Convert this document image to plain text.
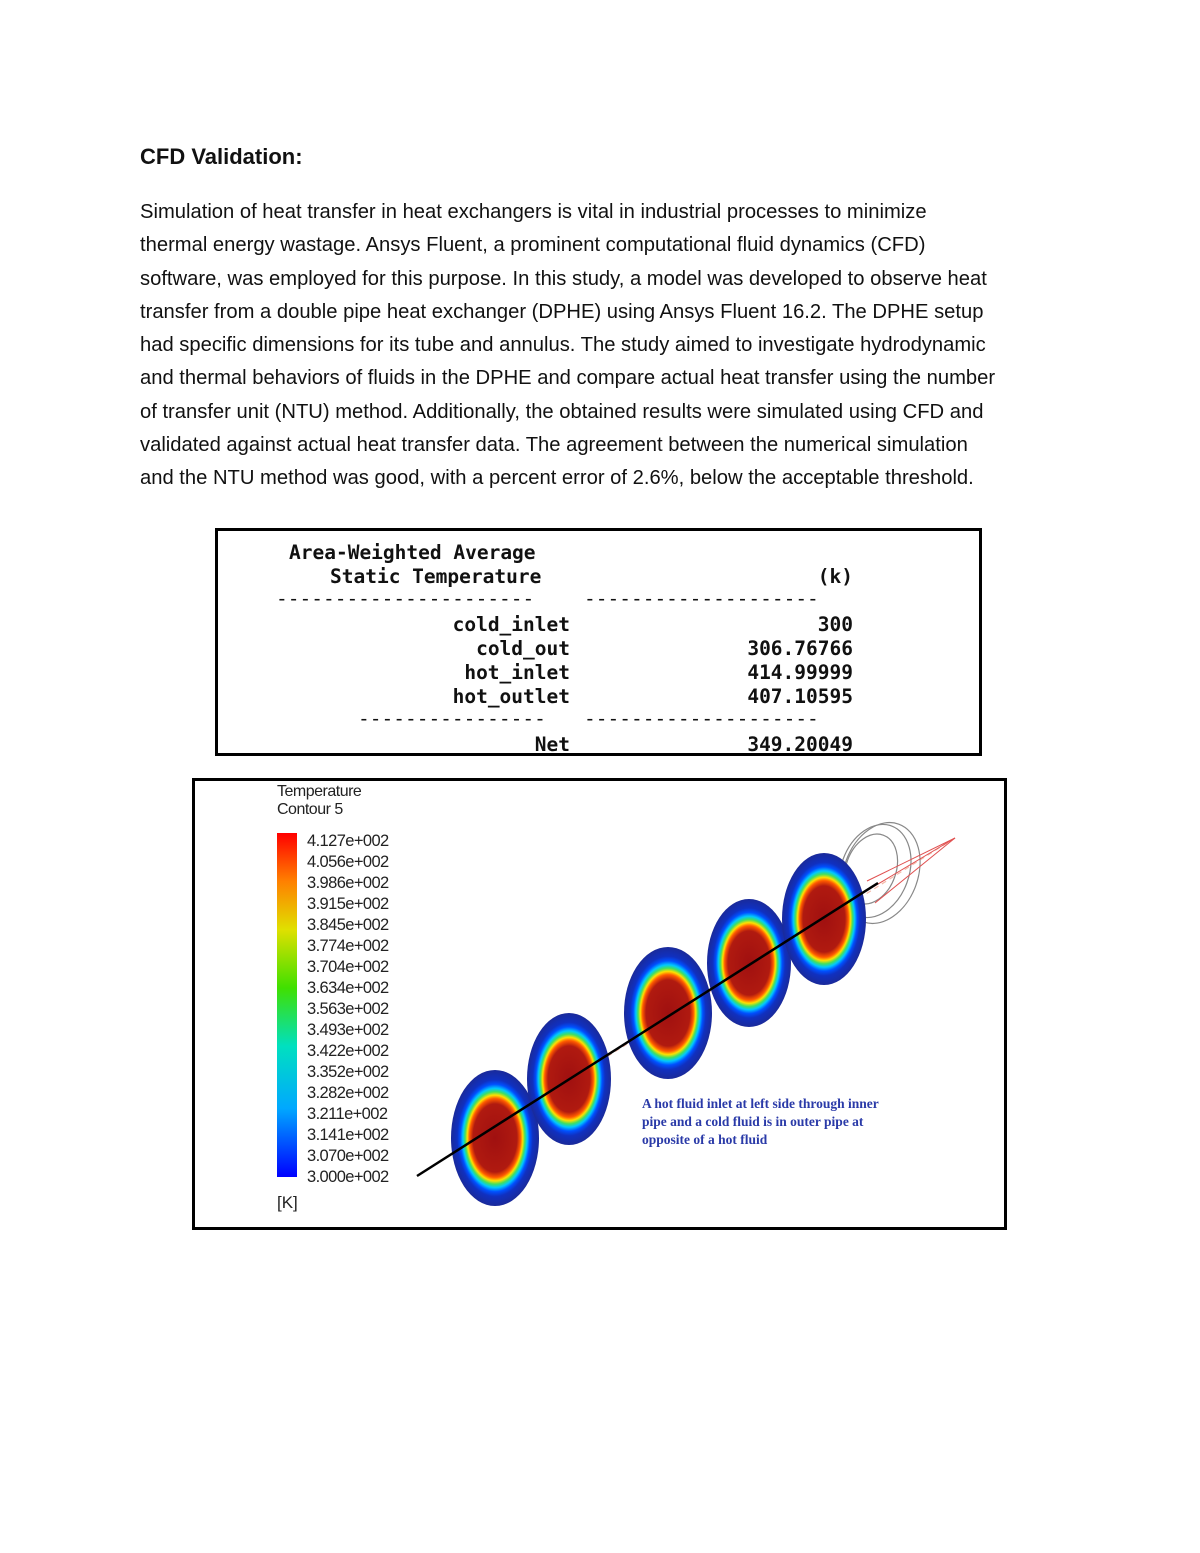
CFD Validation:
Simulation of heat transfer in heat exchangers is vital in industrial processes to minimize
thermal energy wastage. Ansys Fluent, a prominent computational fluid dynamics (CFD)
software, was employed for this purpose. In this study, a model was developed to observe heat
transfer from a double pipe heat exchanger (DPHE) using Ansys Fluent 16.2. The DPHE setup
had specific dimensions for its tube and annulus. The study aimed to investigate hydrodynamic
and thermal behaviors of fluids in the DPHE and compare actual heat transfer using the number
of transfer unit (NTU) method. Additionally, the obtained results were simulated using CFD and
validated against actual heat transfer data. The agreement between the numerical simulation
and the NTU method was good, with a percent error of 2.6%, below the acceptable threshold.
Area-Weighted Average
Static Temperature	(k)
----------------------	--------------------
cold_inlet	300
cold_out	306.76766
hot_inlet	414.99999
hot_outlet	407.10595
---------------- --------------------
Net	349.20049
Temperature
Contour 5
4.127e+002
4.056e+002
3.986e+002
3.915e+002
3.845e+002
3.774e+002
3.704e+002
3.634e+002
3.563e+002
3.493e+002
3.422e+002
3.352e+002
3.282e+002
3.211e+002
3.141e+002
3.070e+002
3.000e+002
[K]
A hot fluid inlet at left side through inner
pipe and a cold fluid is in outer pipe at
opposite of a hot fluid
